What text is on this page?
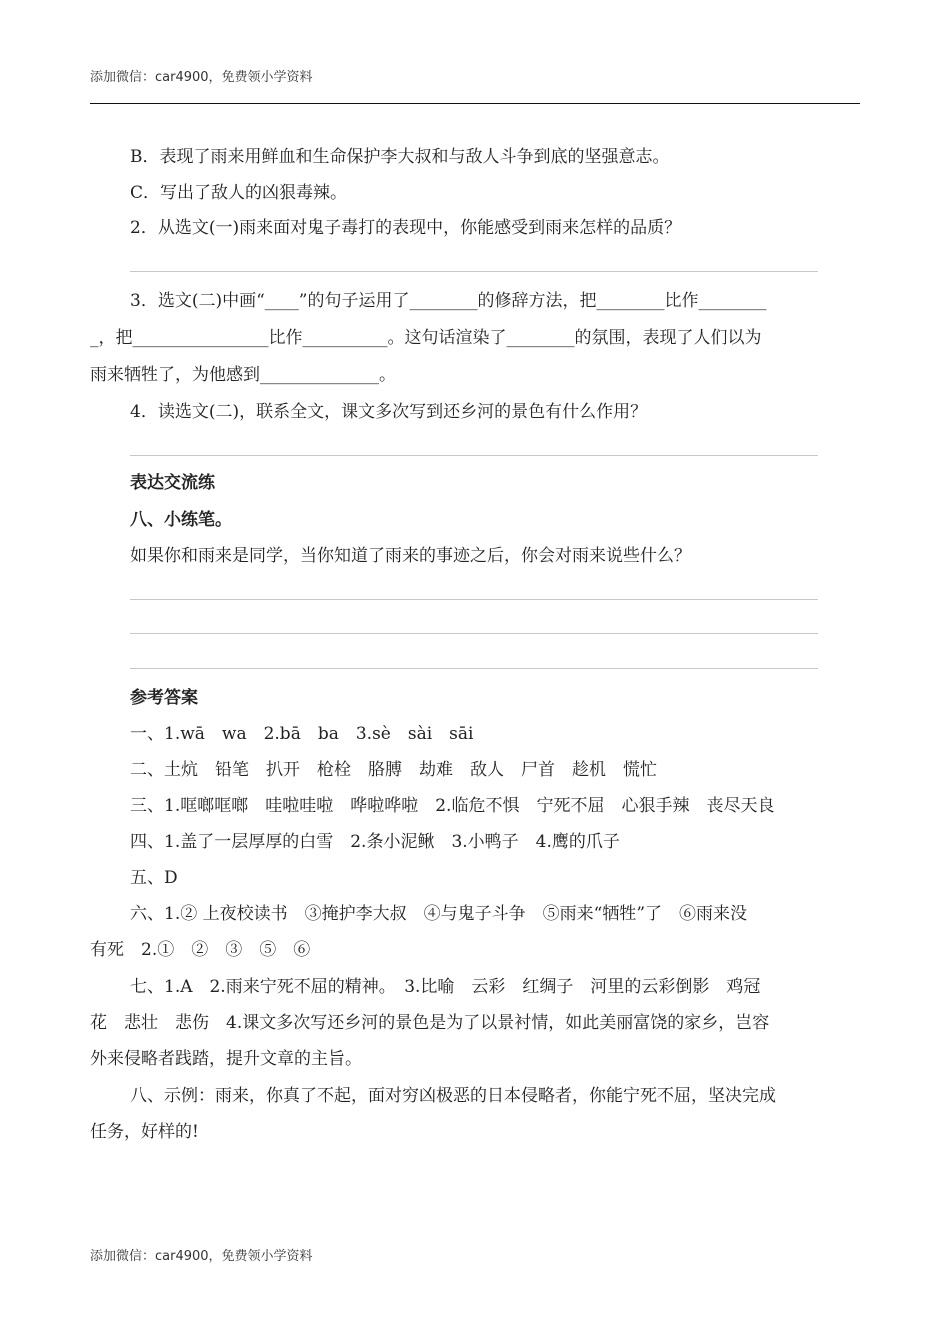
添加微信：car4900，免费领小学资料
B．表现了雨来用鲜血和生命保护李大叔和与敌人斗争到底的坚强意志。
C．写出了敌人的凶狠毒辣。
2．从选文(一)雨来面对鬼子毒打的表现中，你能感受到雨来怎样的品质？
3．选文(二)中画“____”的句子运用了________的修辞方法，把________比作________
_，把________________比作__________。这句话渲染了________的氛围，表现了人们以为
雨来牺牲了，为他感到______________。
4．读选文(二)，联系全文，课文多次写到还乡河的景色有什么作用？
表达交流练
八、小练笔。
如果你和雨来是同学，当你知道了雨来的事迹之后，你会对雨来说些什么？
参考答案
一、1.wā　wa　2.bā　ba　3.sè　sài　sāi
二、土炕　铅笔　扒开　枪栓　胳膊　劫难　敌人　尸首　趁机　慌忙
三、1.哐啷哐啷　哇啦哇啦　哗啦哗啦　2.临危不惧　宁死不屈　心狠手辣　丧尽天良
四、1.盖了一层厚厚的白雪　2.条小泥鳅　3.小鸭子　4.鹰的爪子
五、D
六、1.② 上夜校读书　③掩护李大叔　④与鬼子斗争　⑤雨来“牺牲”了　⑥雨来没
有死　2.①　②　③　⑤　⑥
七、1.A　2.雨来宁死不屈的精神。　3.比喻　云彩　红绸子　河里的云彩倒影　鸡冠
花　悲壮　悲伤　4.课文多次写还乡河的景色是为了以景衬情，如此美丽富饶的家乡，岂容
外来侵略者践踏，提升文章的主旨。
八、示例：雨来，你真了不起，面对穷凶极恶的日本侵略者，你能宁死不屈，坚决完成
任务，好样的!
添加微信：car4900，免费领小学资料
